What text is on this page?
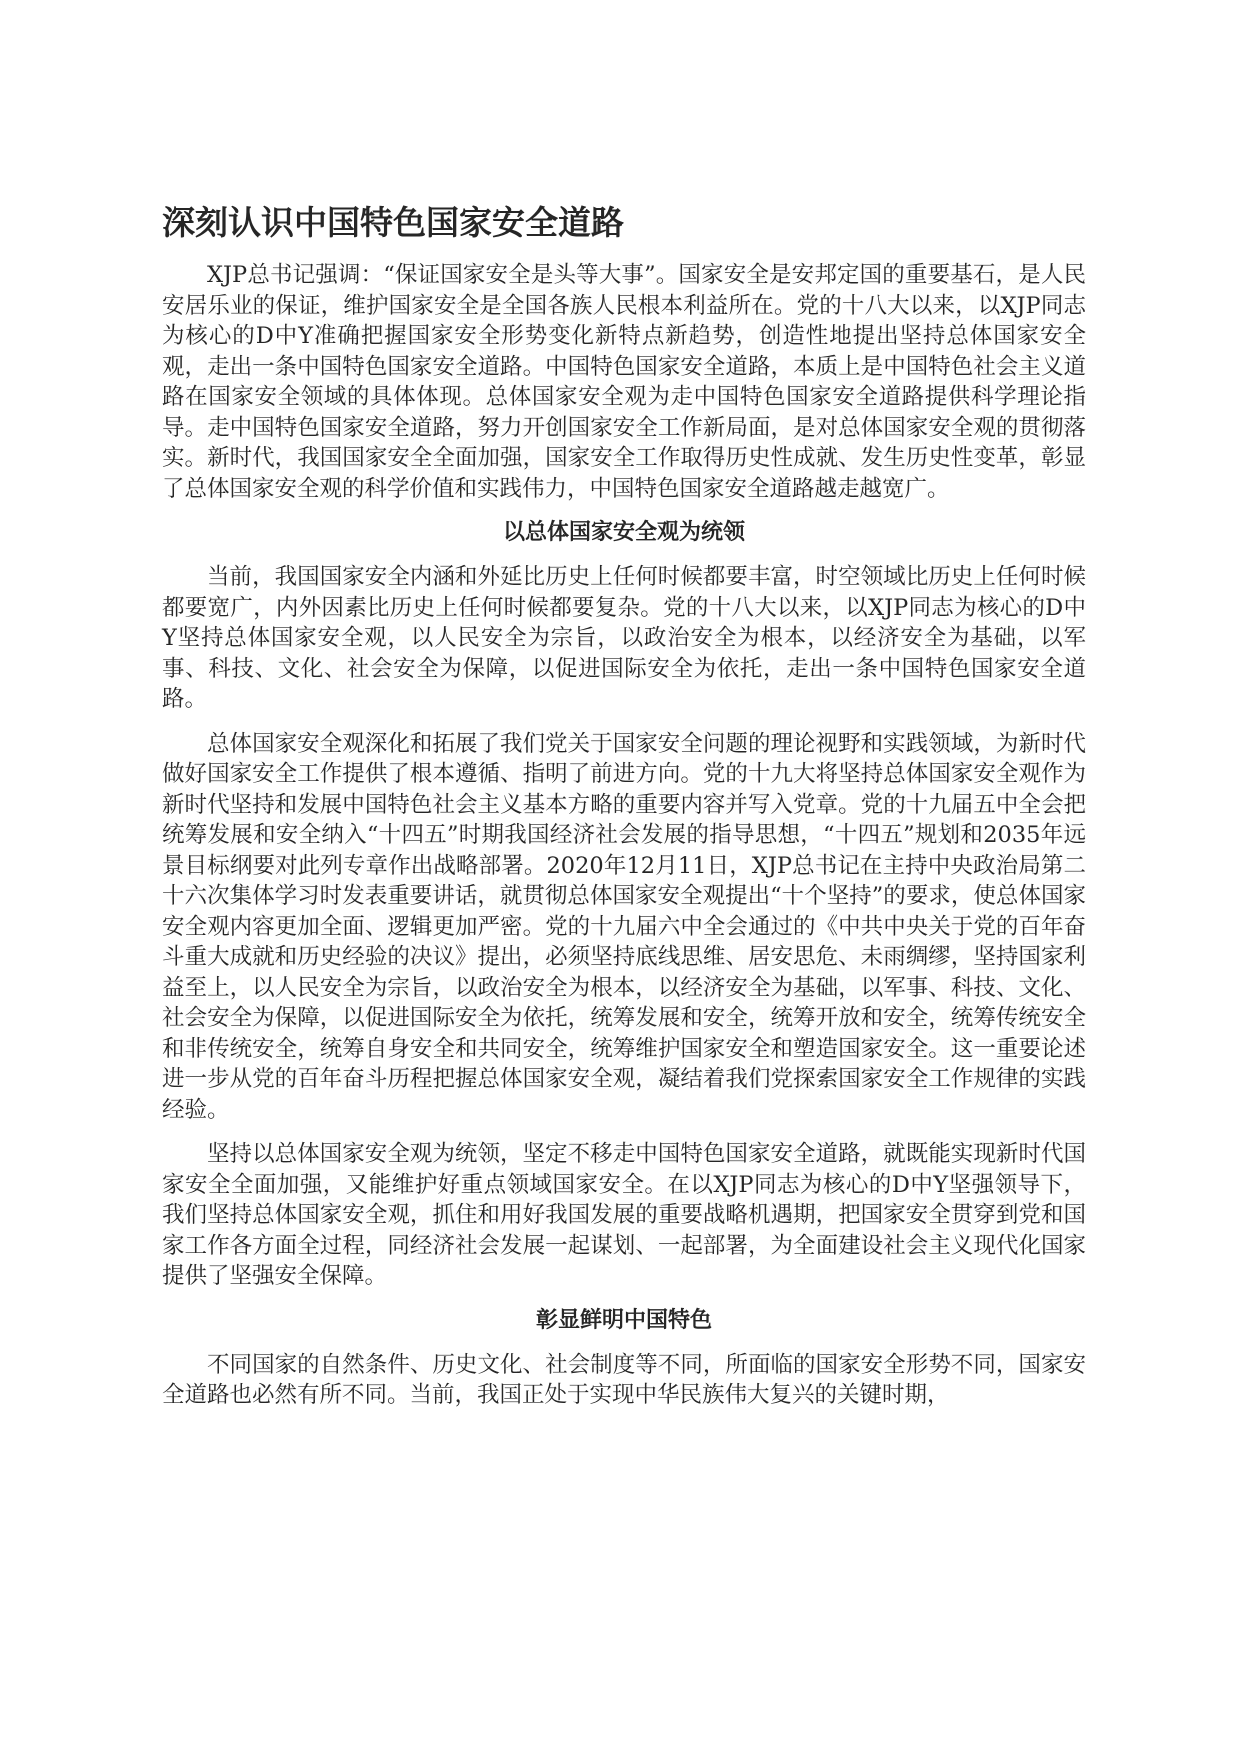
深刻认识中国特色国家安全道路

XJP总书记强调：“保证国家安全是头等大事”。国家安全是安邦定国的重要基石，是人民安居乐业的保证，维护国家安全是全国各族人民根本利益所在。党的十八大以来，以XJP同志为核心的D中Y准确把握国家安全形势变化新特点新趋势，创造性地提出坚持总体国家安全观，走出一条中国特色国家安全道路。中国特色国家安全道路，本质上是中国特色社会主义道路在国家安全领域的具体体现。总体国家安全观为走中国特色国家安全道路提供科学理论指导。走中国特色国家安全道路，努力开创国家安全工作新局面，是对总体国家安全观的贯彻落实。新时代，我国国家安全全面加强，国家安全工作取得历史性成就、发生历史性变革，彰显了总体国家安全观的科学价值和实践伟力，中国特色国家安全道路越走越宽广。

以总体国家安全观为统领

当前，我国国家安全内涵和外延比历史上任何时候都要丰富，时空领域比历史上任何时候都要宽广，内外因素比历史上任何时候都要复杂。党的十八大以来，以XJP同志为核心的D中Y坚持总体国家安全观，以人民安全为宗旨，以政治安全为根本，以经济安全为基础，以军事、科技、文化、社会安全为保障，以促进国际安全为依托，走出一条中国特色国家安全道路。

总体国家安全观深化和拓展了我们党关于国家安全问题的理论视野和实践领域，为新时代做好国家安全工作提供了根本遵循、指明了前进方向。党的十九大将坚持总体国家安全观作为新时代坚持和发展中国特色社会主义基本方略的重要内容并写入党章。党的十九届五中全会把统筹发展和安全纳入“十四五”时期我国经济社会发展的指导思想，“十四五”规划和2035年远景目标纲要对此列专章作出战略部署。2020年12月11日，XJP总书记在主持中央政治局第二十六次集体学习时发表重要讲话，就贯彻总体国家安全观提出“十个坚持”的要求，使总体国家安全观内容更加全面、逻辑更加严密。党的十九届六中全会通过的《中共中央关于党的百年奋斗重大成就和历史经验的决议》提出，必须坚持底线思维、居安思危、未雨绸缪，坚持国家利益至上，以人民安全为宗旨，以政治安全为根本，以经济安全为基础，以军事、科技、文化、社会安全为保障，以促进国际安全为依托，统筹发展和安全，统筹开放和安全，统筹传统安全和非传统安全，统筹自身安全和共同安全，统筹维护国家安全和塑造国家安全。这一重要论述进一步从党的百年奋斗历程把握总体国家安全观，凝结着我们党探索国家安全工作规律的实践经验。

坚持以总体国家安全观为统领，坚定不移走中国特色国家安全道路，就既能实现新时代国家安全全面加强，又能维护好重点领域国家安全。在以XJP同志为核心的D中Y坚强领导下，我们坚持总体国家安全观，抓住和用好我国发展的重要战略机遇期，把国家安全贯穿到党和国家工作各方面全过程，同经济社会发展一起谋划、一起部署，为全面建设社会主义现代化国家提供了坚强安全保障。

彰显鲜明中国特色

不同国家的自然条件、历史文化、社会制度等不同，所面临的国家安全形势不同，国家安全道路也必然有所不同。当前，我国正处于实现中华民族伟大复兴的关键时期，
